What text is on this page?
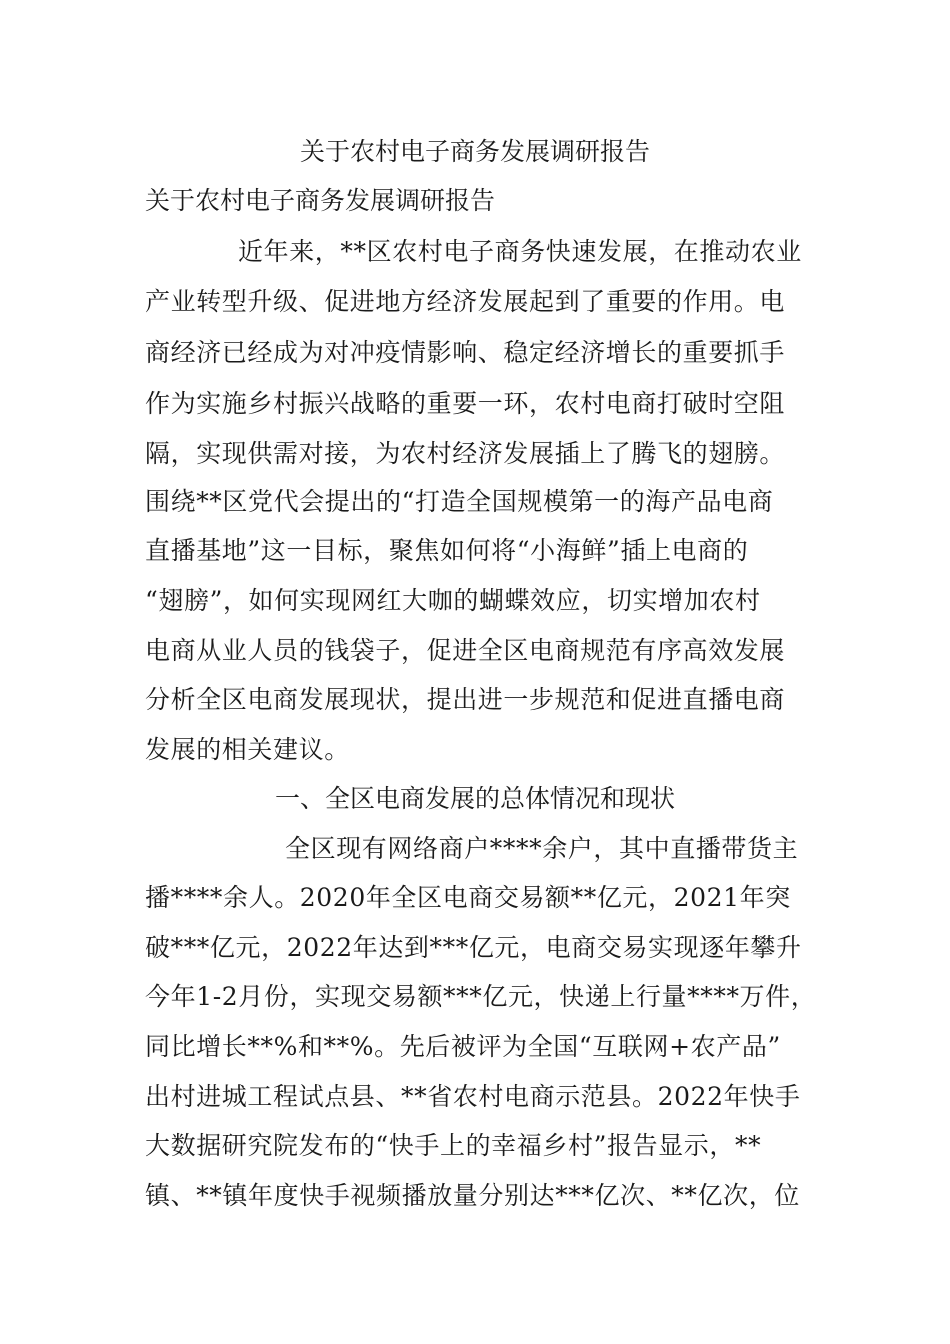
关于农村电子商务发展调研报告
关于农村电子商务发展调研报告
近年来，**区农村电子商务快速发展，在推动农业
产业转型升级、促进地方经济发展起到了重要的作用。电
商经济已经成为对冲疫情影响、稳定经济增长的重要抓手
作为实施乡村振兴战略的重要一环，农村电商打破时空阻
隔，实现供需对接，为农村经济发展插上了腾飞的翅膀。
围绕**区党代会提出的“打造全国规模第一的海产品电商
直播基地”这一目标，聚焦如何将“小海鲜”插上电商的
“翅膀”，如何实现网红大咖的蝴蝶效应，切实增加农村
电商从业人员的钱袋子，促进全区电商规范有序高效发展
分析全区电商发展现状，提出进一步规范和促进直播电商
发展的相关建议。
一、全区电商发展的总体情况和现状
全区现有网络商户****余户，其中直播带货主
播****余人。2020年全区电商交易额**亿元，2021年突
破***亿元，2022年达到***亿元，电商交易实现逐年攀升
今年1-2月份，实现交易额***亿元，快递上行量****万件，
同比增长**%和**%。先后被评为全国“互联网+农产品”
出村进城工程试点县、**省农村电商示范县。2022年快手
大数据研究院发布的“快手上的幸福乡村”报告显示，**
镇、**镇年度快手视频播放量分别达***亿次、**亿次，位
